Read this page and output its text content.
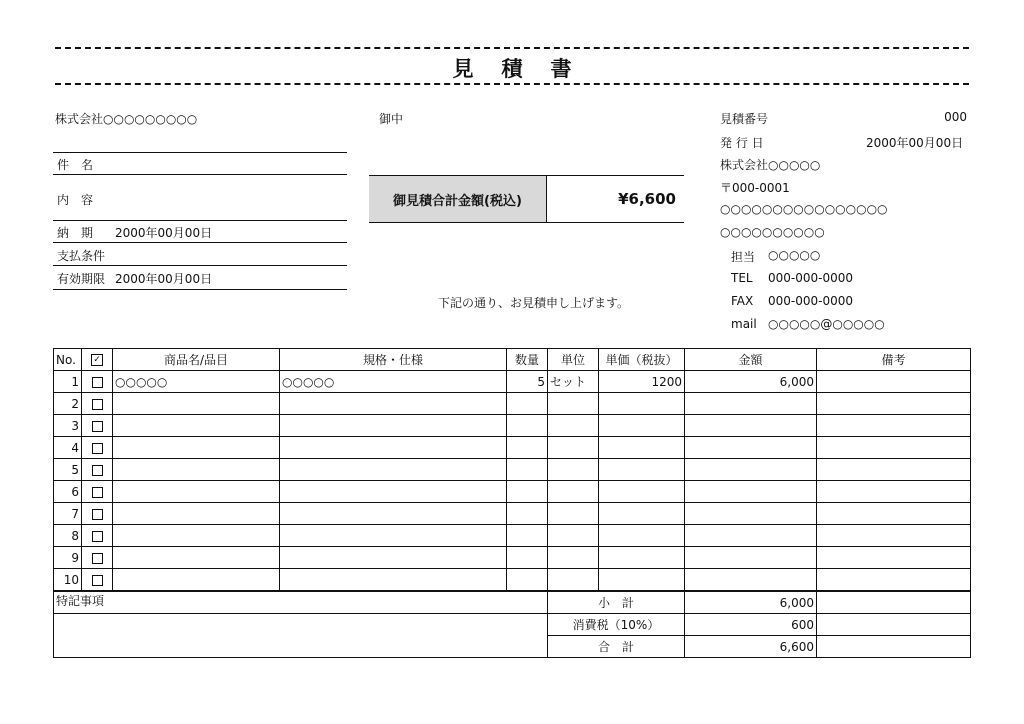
見 積 書
株式会社○○○○○○○○○	御中
件　名
内　容
納　期 2000年00月00日
支払条件
有効期限 2000年00月00日
御見積合計金額(税込)	¥6,600
下記の通り、お見積申し上げます。
見積番号	000
発 行 日	2000年00月00日
株式会社○○○○○
〒000-0001
○○○○○○○○○○○○○○○○
○○○○○○○○○○
担当 ○○○○○
TEL 000-000-0000
FAX 000-000-0000
mail ○○○○○@○○○○○
No.	✓	商品名/品目	規格・仕様	数量	単位	単価（税抜）	金額	備考
1		○○○○○	○○○○○	5	セット	1200	6,000	
2								
3								
4								
5								
6								
7								
8								
9								
10								
特記事項					小　計		6,000	
					消費税（10%）		600	
					合　計		6,600	
